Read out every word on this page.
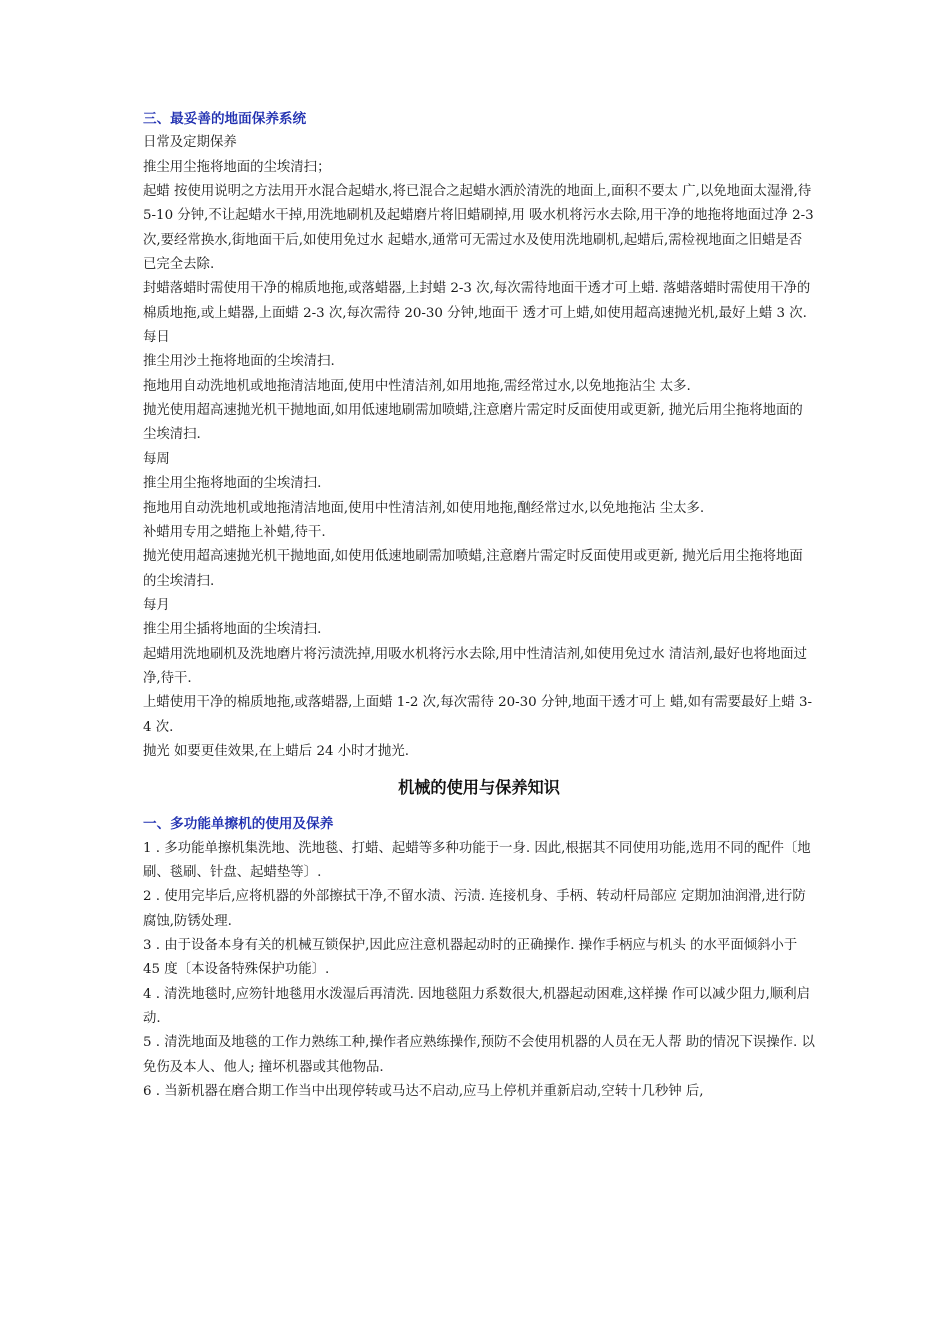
三、最妥善的地面保养系统

日常及定期保养

推尘用尘拖将地面的尘埃清扫；

起蜡 按使用说明之方法用开水混合起蜡水,将已混合之起蜡水洒於清洗的地面上,面积不要太 广,以免地面太湿滑,待 5-10 分钟,不让起蜡水干掉,用洗地刷机及起蜡磨片将旧蜡刷掉,用 吸水机将污水去除,用干净的地拖将地面过净 2-3 次,要经常换水,街地面干后,如使用免过水 起蜡水,通常可无需过水及使用洗地刷机,起蜡后,需检视地面之旧蜡是否已完全去除.

封蜡落蜡时需使用干净的棉质地拖,或落蜡器,上封蜡 2-3 次,每次需待地面干透才可上蜡. 落蜡落蜡时需使用干净的棉质地拖,或上蜡器,上面蜡 2-3 次,每次需待 20-30 分钟,地面干 透才可上蜡,如使用超高速抛光机,最好上蜡 3 次.

每日

推尘用沙土拖将地面的尘埃清扫.

拖地用自动洗地机或地拖清洁地面,使用中性清洁剂,如用地拖,需经常过水,以免地拖沾尘 太多.

抛光使用超高速抛光机干抛地面,如用低速地刷需加喷蜡,注意磨片需定时反面使用或更新, 抛光后用尘拖将地面的尘埃清扫.

每周

推尘用尘拖将地面的尘埃清扫.

拖地用自动洗地机或地拖清洁地面,使用中性清洁剂,如使用地拖,酗经常过水,以免地拖沾 尘太多.

补蜡用专用之蜡拖上补蜡,待干.

抛光使用超高速抛光机干抛地面,如使用低速地刷需加喷蜡,注意磨片需定时反面使用或更新, 抛光后用尘拖将地面的尘埃清扫.

每月

推尘用尘插将地面的尘埃清扫.

起蜡用洗地刷机及洗地磨片将污渍洗掉,用吸水机将污水去除,用中性清洁剂,如使用免过水 清洁剂,最好也将地面过净,待干.

上蜡使用干净的棉质地拖,或落蜡器,上面蜡 1-2 次,每次需待 20-30 分钟,地面干透才可上 蜡,如有需要最好上蜡 3-4 次.

抛光 如要更佳效果,在上蜡后 24 小时才抛光.

机械的使用与保养知识
一、多功能单擦机的使用及保养

1 . 多功能单擦机集洗地、洗地毯、打蜡、起蜡等多种功能于一身. 因此,根据其不同使用功能,选用不同的配件〔地刷、毯刷、针盘、起蜡垫等〕.

2 . 使用完毕后,应将机器的外部擦拭干净,不留水渍、污渍. 连接机身、手柄、转动杆局部应 定期加油润滑,进行防腐蚀,防锈处理.

3 . 由于设备本身有关的机械互锁保护,因此应注意机器起动时的正确操作. 操作手柄应与机头 的水平面倾斜小于 45 度〔本设备特殊保护功能〕.

4 . 清洗地毯时,应笏针地毯用水泼湿后再清洗. 因地毯阻力系数很大,机器起动困难,这样操 作可以减少阻力,顺利启动.

5 . 清洗地面及地毯的工作力熟练工种,操作者应熟练操作,预防不会使用机器的人员在无人帮 助的情况下误操作. 以免伤及本人、他人; 撞坏机器或其他物品.

6 . 当新机器在磨合期工作当中出现停转或马达不启动,应马上停机并重新启动,空转十几秒钟 后,
